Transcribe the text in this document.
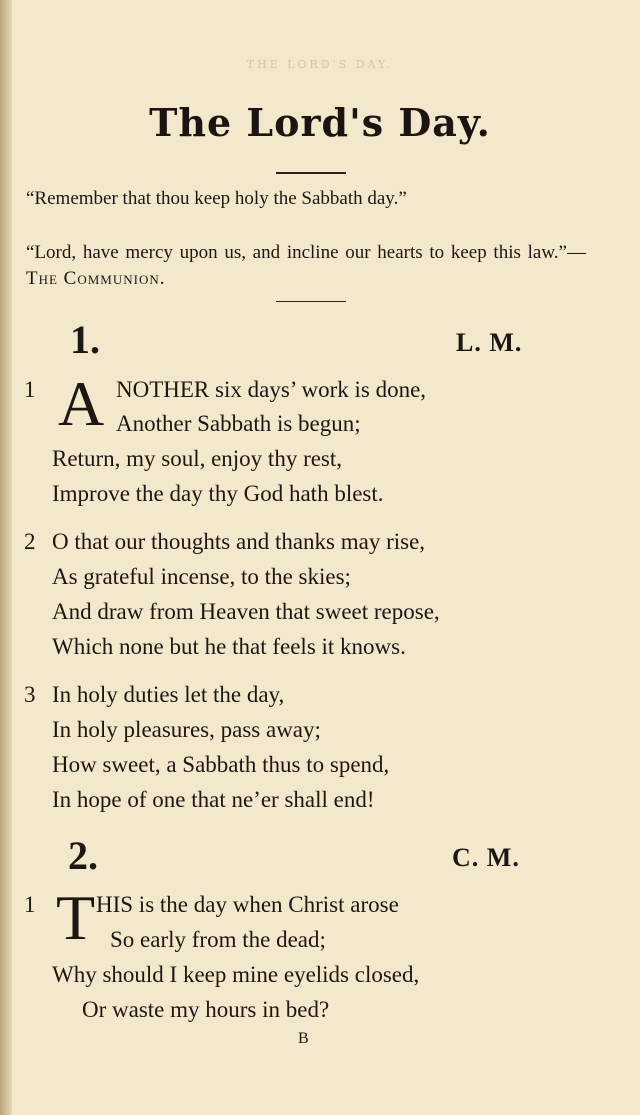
THE LORD'S DAY.
The Lord's Day.
“Remember that thou keep holy the Sabbath day.”
“Lord, have mercy upon us, and incline our hearts to keep this law.”—The Communion.
1.	L. M.
1 A NOTHER six days’ work is done,
Another Sabbath is begun;
Return, my soul, enjoy thy rest,
Improve the day thy God hath blest.
2 O that our thoughts and thanks may rise,
As grateful incense, to the skies;
And draw from Heaven that sweet repose,
Which none but he that feels it knows.
3 In holy duties let the day,
In holy pleasures, pass away;
How sweet, a Sabbath thus to spend,
In hope of one that ne’er shall end!
2.	C. M.
1 T HIS is the day when Christ arose
So early from the dead;
Why should I keep mine eyelids closed,
Or waste my hours in bed?
B
